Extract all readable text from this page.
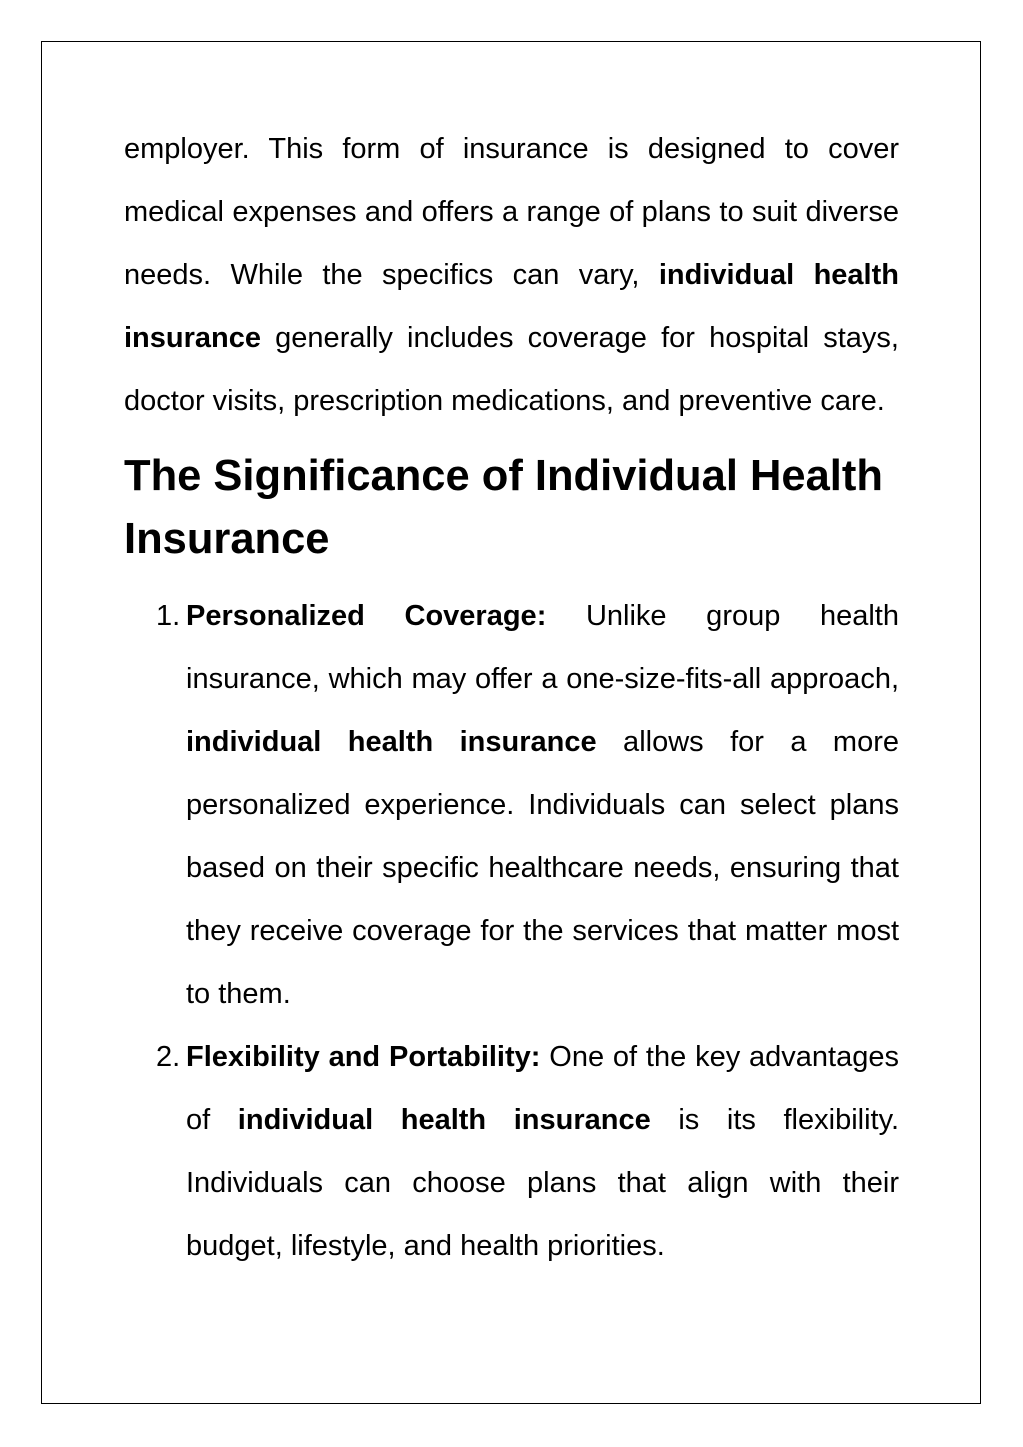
employer. This form of insurance is designed to cover medical expenses and offers a range of plans to suit diverse needs. While the specifics can vary, individual health insurance generally includes coverage for hospital stays, doctor visits, prescription medications, and preventive care.

The Significance of Individual Health Insurance
1. Personalized Coverage: Unlike group health insurance, which may offer a one-size-fits-all approach, individual health insurance allows for a more personalized experience. Individuals can select plans based on their specific healthcare needs, ensuring that they receive coverage for the services that matter most to them.
2. Flexibility and Portability: One of the key advantages of individual health insurance is its flexibility. Individuals can choose plans that align with their budget, lifestyle, and health priorities.
